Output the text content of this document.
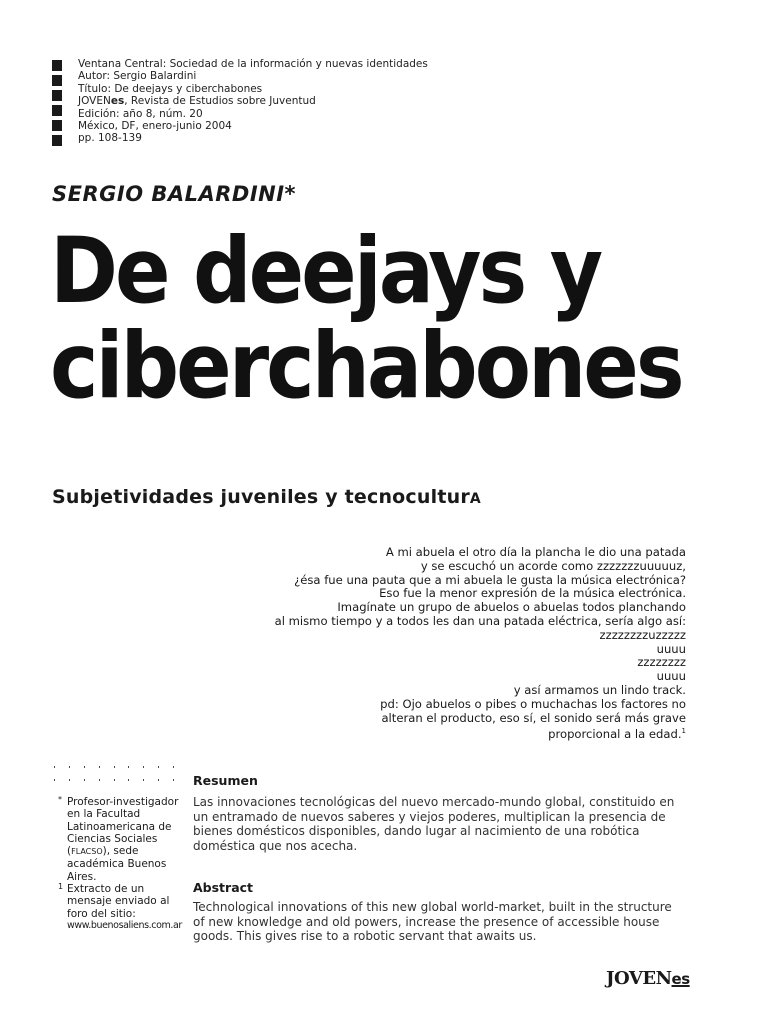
Ventana Central: Sociedad de la información y nuevas identidades
Autor: Sergio Balardini
Título: De deejays y ciberchabones
JOVENes, Revista de Estudios sobre Juventud
Edición: año 8, núm. 20
México, DF, enero-junio 2004
pp. 108-139
SERGIO BALARDINI*
De deejays y
ciberchabones
Subjetividades juveniles y tecnoculturA
A mi abuela el otro día la plancha le dio una patada
y se escuchó un acorde como zzzzzzzuuuuuz,
¿ésa fue una pauta que a mi abuela le gusta la música electrónica?
Eso fue la menor expresión de la música electrónica.
Imagínate un grupo de abuelos o abuelas todos planchando
al mismo tiempo y a todos les dan una patada eléctrica, sería algo así:
zzzzzzzzuzzzzz
uuuu
zzzzzzzz
uuuu
y así armamos un lindo track.
pd: Ojo abuelos o pibes o muchachas los factores no
alteran el producto, eso sí, el sonido será más grave
proporcional a la edad.$^1$
* Profesor-investigador en la Facultad Latinoamericana de Ciencias Sociales (FLACSO), sede académica Buenos Aires.
1 Extracto de un mensaje enviado al foro del sitio:
www.buenosaliens.com.ar
Resumen
Las innovaciones tecnológicas del nuevo mercado-mundo global, constituido en un entramado de nuevos saberes y viejos poderes, multiplican la presencia de bienes domésticos disponibles, dando lugar al nacimiento de una robótica doméstica que nos acecha.
Abstract
Technological innovations of this new global world-market, built in the structure of new knowledge and old powers, increase the presence of accessible house goods. This gives rise to a robotic servant that awaits us.
JOVENes
